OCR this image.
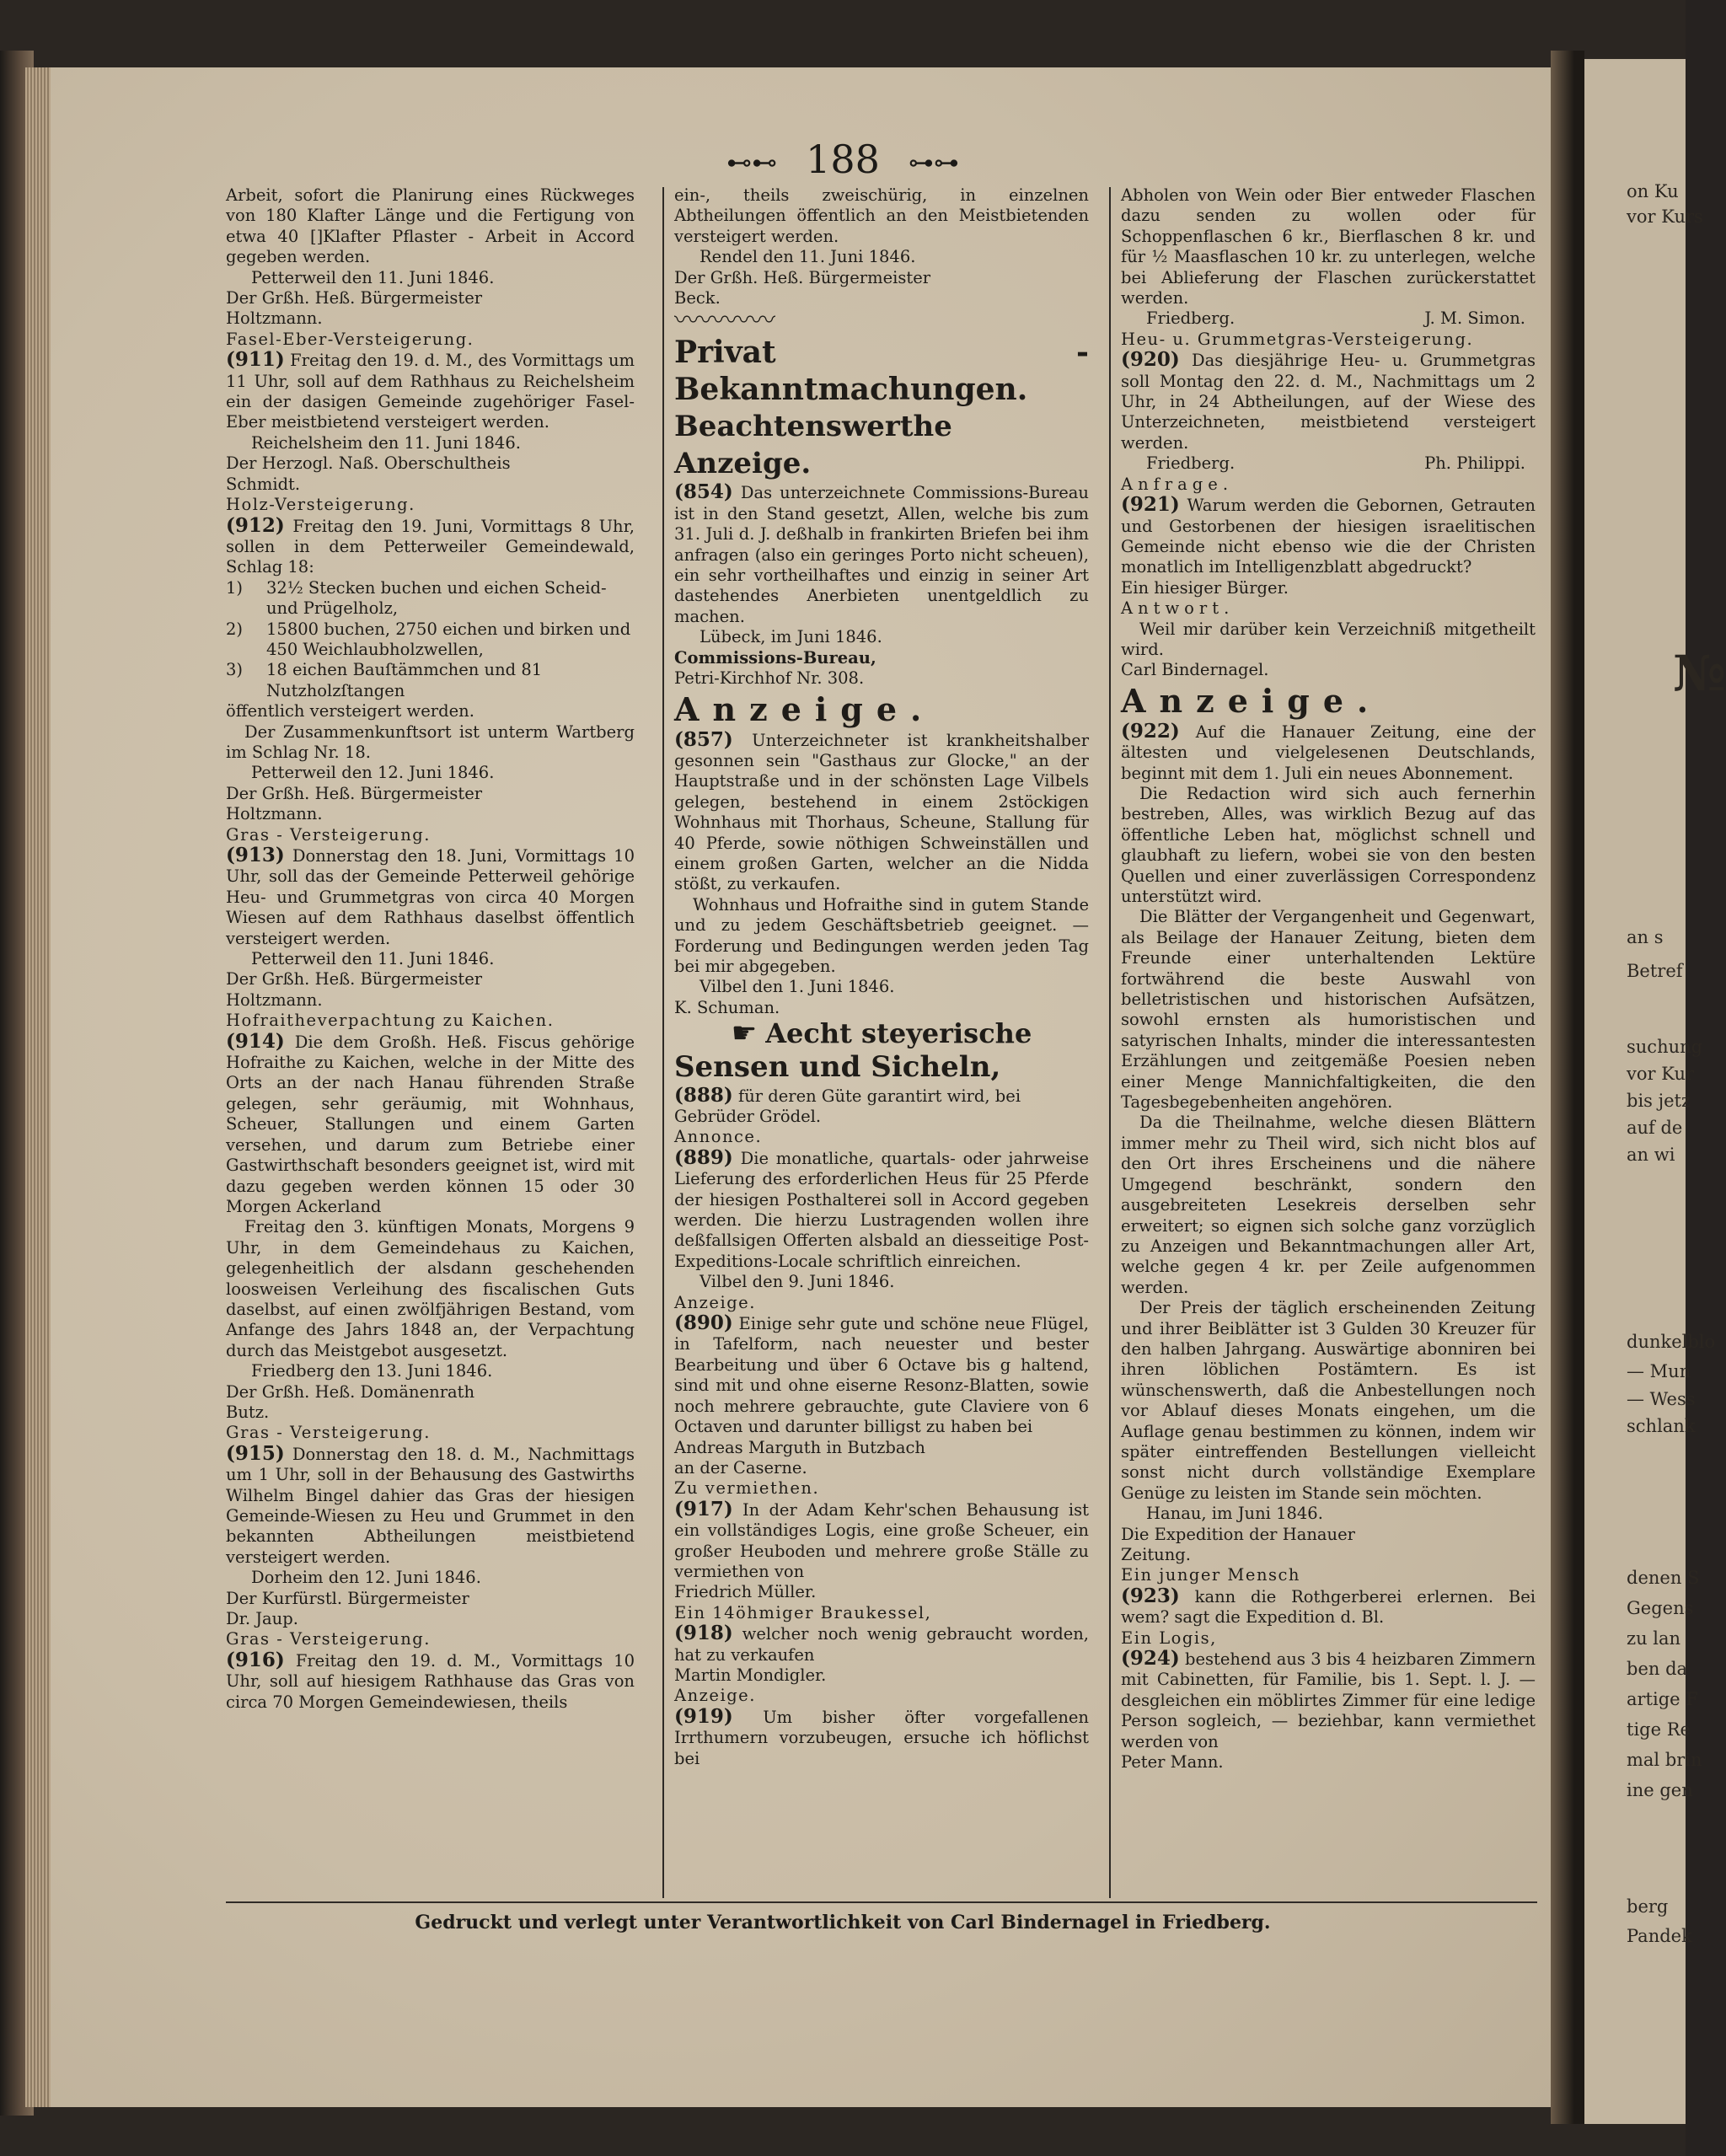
on Ku
vor Kurs
№
an s
Betref
suchung
vor Kur
bis jetz
auf de
an wi
dunkelblo
— Mun
— Wess
schlank
denen S
Gegens
zu lan
ben da
artige F
tige Re
mal brin
ine gen
berg
Pandek
⊷⊷ 188 ⊶⊶

Arbeit, sofort die Planirung eines Rückweges von 180 Klafter Länge und die Fertigung von etwa 40 []Klafter Pflaster - Arbeit in Accord gegeben werden.

Petterweil den 11. Juni 1846.

Der Grßh. Heß. Bürgermeister

Holtzmann.

Fasel-Eber-Versteigerung.

(911) Freitag den 19. d. M., des Vormittags um 11 Uhr, soll auf dem Rathhaus zu Reichelsheim ein der dasigen Gemeinde zugehöriger Fasel-Eber meistbietend versteigert werden.

Reichelsheim den 11. Juni 1846.

Der Herzogl. Naß. Oberschultheis

Schmidt.

Holz-Versteigerung.

(912) Freitag den 19. Juni, Vormittags 8 Uhr, sollen in dem Petterweiler Gemeindewald, Schlag 18:

1)	32½ Stecken buchen und eichen Scheid- und Prügelholz,
2)	15800 buchen, 2750 eichen und birken und 450 Weichlaubholzwellen,
3)	18 eichen Bauſtämmchen und 81 Nutzholzſtangen

öffentlich versteigert werden.

Der Zusammenkunftsort ist unterm Wartberg im Schlag Nr. 18.

Petterweil den 12. Juni 1846.

Der Grßh. Heß. Bürgermeister

Holtzmann.

Gras - Versteigerung.

(913) Donnerstag den 18. Juni, Vormittags 10 Uhr, soll das der Gemeinde Petterweil gehörige Heu- und Grummetgras von circa 40 Morgen Wiesen auf dem Rathhaus daselbst öffentlich versteigert werden.

Petterweil den 11. Juni 1846.

Der Grßh. Heß. Bürgermeister

Holtzmann.

Hofraitheverpachtung zu Kaichen.

(914) Die dem Großh. Heß. Fiscus gehörige Hofraithe zu Kaichen, welche in der Mitte des Orts an der nach Hanau führenden Straße gelegen, sehr geräumig, mit Wohnhaus, Scheuer, Stallungen und einem Garten versehen, und darum zum Betriebe einer Gastwirthschaft besonders geeignet ist, wird mit dazu gegeben werden können 15 oder 30 Morgen Ackerland

Freitag den 3. künftigen Monats, Morgens 9 Uhr, in dem Gemeindehaus zu Kaichen, gelegenheitlich der alsdann geschehenden loosweisen Verleihung des fiscalischen Guts daselbst, auf einen zwölfjährigen Bestand, vom Anfange des Jahrs 1848 an, der Verpachtung durch das Meistgebot ausgesetzt.

Friedberg den 13. Juni 1846.

Der Grßh. Heß. Domänenrath

Butz.

Gras - Versteigerung.

(915) Donnerstag den 18. d. M., Nachmittags um 1 Uhr, soll in der Behausung des Gastwirths Wilhelm Bingel dahier das Gras der hiesigen Gemeinde-Wiesen zu Heu und Grummet in den bekannten Abtheilungen meistbietend versteigert werden.

Dorheim den 12. Juni 1846.

Der Kurfürstl. Bürgermeister

Dr. Jaup.

Gras - Versteigerung.

(916) Freitag den 19. d. M., Vormittags 10 Uhr, soll auf hiesigem Rathhause das Gras von circa 70 Morgen Gemeindewiesen, theils

ein-, theils zweischürig, in einzelnen Abtheilungen öffentlich an den Meistbietenden versteigert werden.

Rendel den 11. Juni 1846.

Der Grßh. Heß. Bürgermeister

Beck.

〰〰〰〰

Privat - Bekanntmachungen.

Beachtenswerthe Anzeige.

(854) Das unterzeichnete Commissions-Bureau ist in den Stand gesetzt, Allen, welche bis zum 31. Juli d. J. deßhalb in frankirten Briefen bei ihm anfragen (also ein geringes Porto nicht scheuen), ein sehr vortheilhaftes und einzig in seiner Art dastehendes Anerbieten unentgeldlich zu machen.

Lübeck, im Juni 1846.

Commissions-Bureau,

Petri-Kirchhof Nr. 308.

Anzeige.

(857) Unterzeichneter ist krankheitshalber gesonnen sein "Gasthaus zur Glocke," an der Hauptstraße und in der schönsten Lage Vilbels gelegen, bestehend in einem 2stöckigen Wohnhaus mit Thorhaus, Scheune, Stallung für 40 Pferde, sowie nöthigen Schweinställen und einem großen Garten, welcher an die Nidda stößt, zu verkaufen.

Wohnhaus und Hofraithe sind in gutem Stande und zu jedem Geschäftsbetrieb geeignet. — Forderung und Bedingungen werden jeden Tag bei mir abgegeben.

Vilbel den 1. Juni 1846.

K. Schuman.

☛ Aecht steyerische

Sensen und Sicheln,

(888) für deren Güte garantirt wird, bei

Gebrüder Grödel.

Annonce.

(889) Die monatliche, quartals- oder jahrweise Lieferung des erforderlichen Heus für 25 Pferde der hiesigen Posthalterei soll in Accord gegeben werden. Die hierzu Lustragenden wollen ihre deßfallsigen Offerten alsbald an diesseitige Post-Expeditions-Locale schriftlich einreichen.

Vilbel den 9. Juni 1846.

Anzeige.

(890) Einige sehr gute und schöne neue Flügel, in Tafelform, nach neuester und bester Bearbeitung und über 6 Octave bis g haltend, sind mit und ohne eiserne Resonz-Blatten, sowie noch mehrere gebrauchte, gute Claviere von 6 Octaven und darunter billigst zu haben bei

Andreas Marguth in Butzbach

an der Caserne.

Zu vermiethen.

(917) In der Adam Kehr'schen Behausung ist ein vollständiges Logis, eine große Scheuer, ein großer Heuboden und mehrere große Ställe zu vermiethen von

Friedrich Müller.

Ein 14öhmiger Braukessel,

(918) welcher noch wenig gebraucht worden, hat zu verkaufen

Martin Mondigler.

Anzeige.

(919) Um bisher öfter vorgefallenen Irrthumern vorzubeugen, ersuche ich höflichst bei

Abholen von Wein oder Bier entweder Flaschen dazu senden zu wollen oder für Schoppenflaschen 6 kr., Bierflaschen 8 kr. und für ½ Maasflaschen 10 kr. zu unterlegen, welche bei Ablieferung der Flaschen zurückerstattet werden.

Friedberg.	J. M. Simon.

Heu- u. Grummetgras-Versteigerung.

(920) Das diesjährige Heu- u. Grummetgras soll Montag den 22. d. M., Nachmittags um 2 Uhr, in 24 Abtheilungen, auf der Wiese des Unterzeichneten, meistbietend versteigert werden.

Friedberg.	Ph. Philippi.

Anfrage.

(921) Warum werden die Gebornen, Getrauten und Gestorbenen der hiesigen israelitischen Gemeinde nicht ebenso wie die der Christen monatlich im Intelligenzblatt abgedruckt?

Ein hiesiger Bürger.

Antwort.

Weil mir darüber kein Verzeichniß mitgetheilt wird.

Carl Bindernagel.

Anzeige.

(922) Auf die Hanauer Zeitung, eine der ältesten und vielgelesenen Deutschlands, beginnt mit dem 1. Juli ein neues Abonnement.

Die Redaction wird sich auch fernerhin bestreben, Alles, was wirklich Bezug auf das öffentliche Leben hat, möglichst schnell und glaubhaft zu liefern, wobei sie von den besten Quellen und einer zuverlässigen Correspondenz unterstützt wird.

Die Blätter der Vergangenheit und Gegenwart, als Beilage der Hanauer Zeitung, bieten dem Freunde einer unterhaltenden Lektüre fortwährend die beste Auswahl von belletristischen und historischen Aufsätzen, sowohl ernsten als humoristischen und satyrischen Inhalts, minder die interessantesten Erzählungen und zeitgemäße Poesien neben einer Menge Mannichfaltigkeiten, die den Tagesbegebenheiten angehören.

Da die Theilnahme, welche diesen Blättern immer mehr zu Theil wird, sich nicht blos auf den Ort ihres Erscheinens und die nähere Umgegend beschränkt, sondern den ausgebreiteten Lesekreis derselben sehr erweitert; so eignen sich solche ganz vorzüglich zu Anzeigen und Bekanntmachungen aller Art, welche gegen 4 kr. per Zeile aufgenommen werden.

Der Preis der täglich erscheinenden Zeitung und ihrer Beiblätter ist 3 Gulden 30 Kreuzer für den halben Jahrgang. Auswärtige abonniren bei ihren löblichen Postämtern. Es ist wünschenswerth, daß die Anbestellungen noch vor Ablauf dieses Monats eingehen, um die Auflage genau bestimmen zu können, indem wir später eintreffenden Bestellungen vielleicht sonst nicht durch vollständige Exemplare Genüge zu leisten im Stande sein möchten.

Hanau, im Juni 1846.

Die Expedition der Hanauer

Zeitung.

Ein junger Mensch

(923) kann die Rothgerberei erlernen. Bei wem? sagt die Expedition d. Bl.

Ein Logis,

(924) bestehend aus 3 bis 4 heizbaren Zimmern mit Cabinetten, für Familie, bis 1. Sept. l. J. — desgleichen ein möblirtes Zimmer für eine ledige Person sogleich, — beziehbar, kann vermiethet werden von

Peter Mann.

Gedruckt und verlegt unter Verantwortlichkeit von Carl Bindernagel in Friedberg.
